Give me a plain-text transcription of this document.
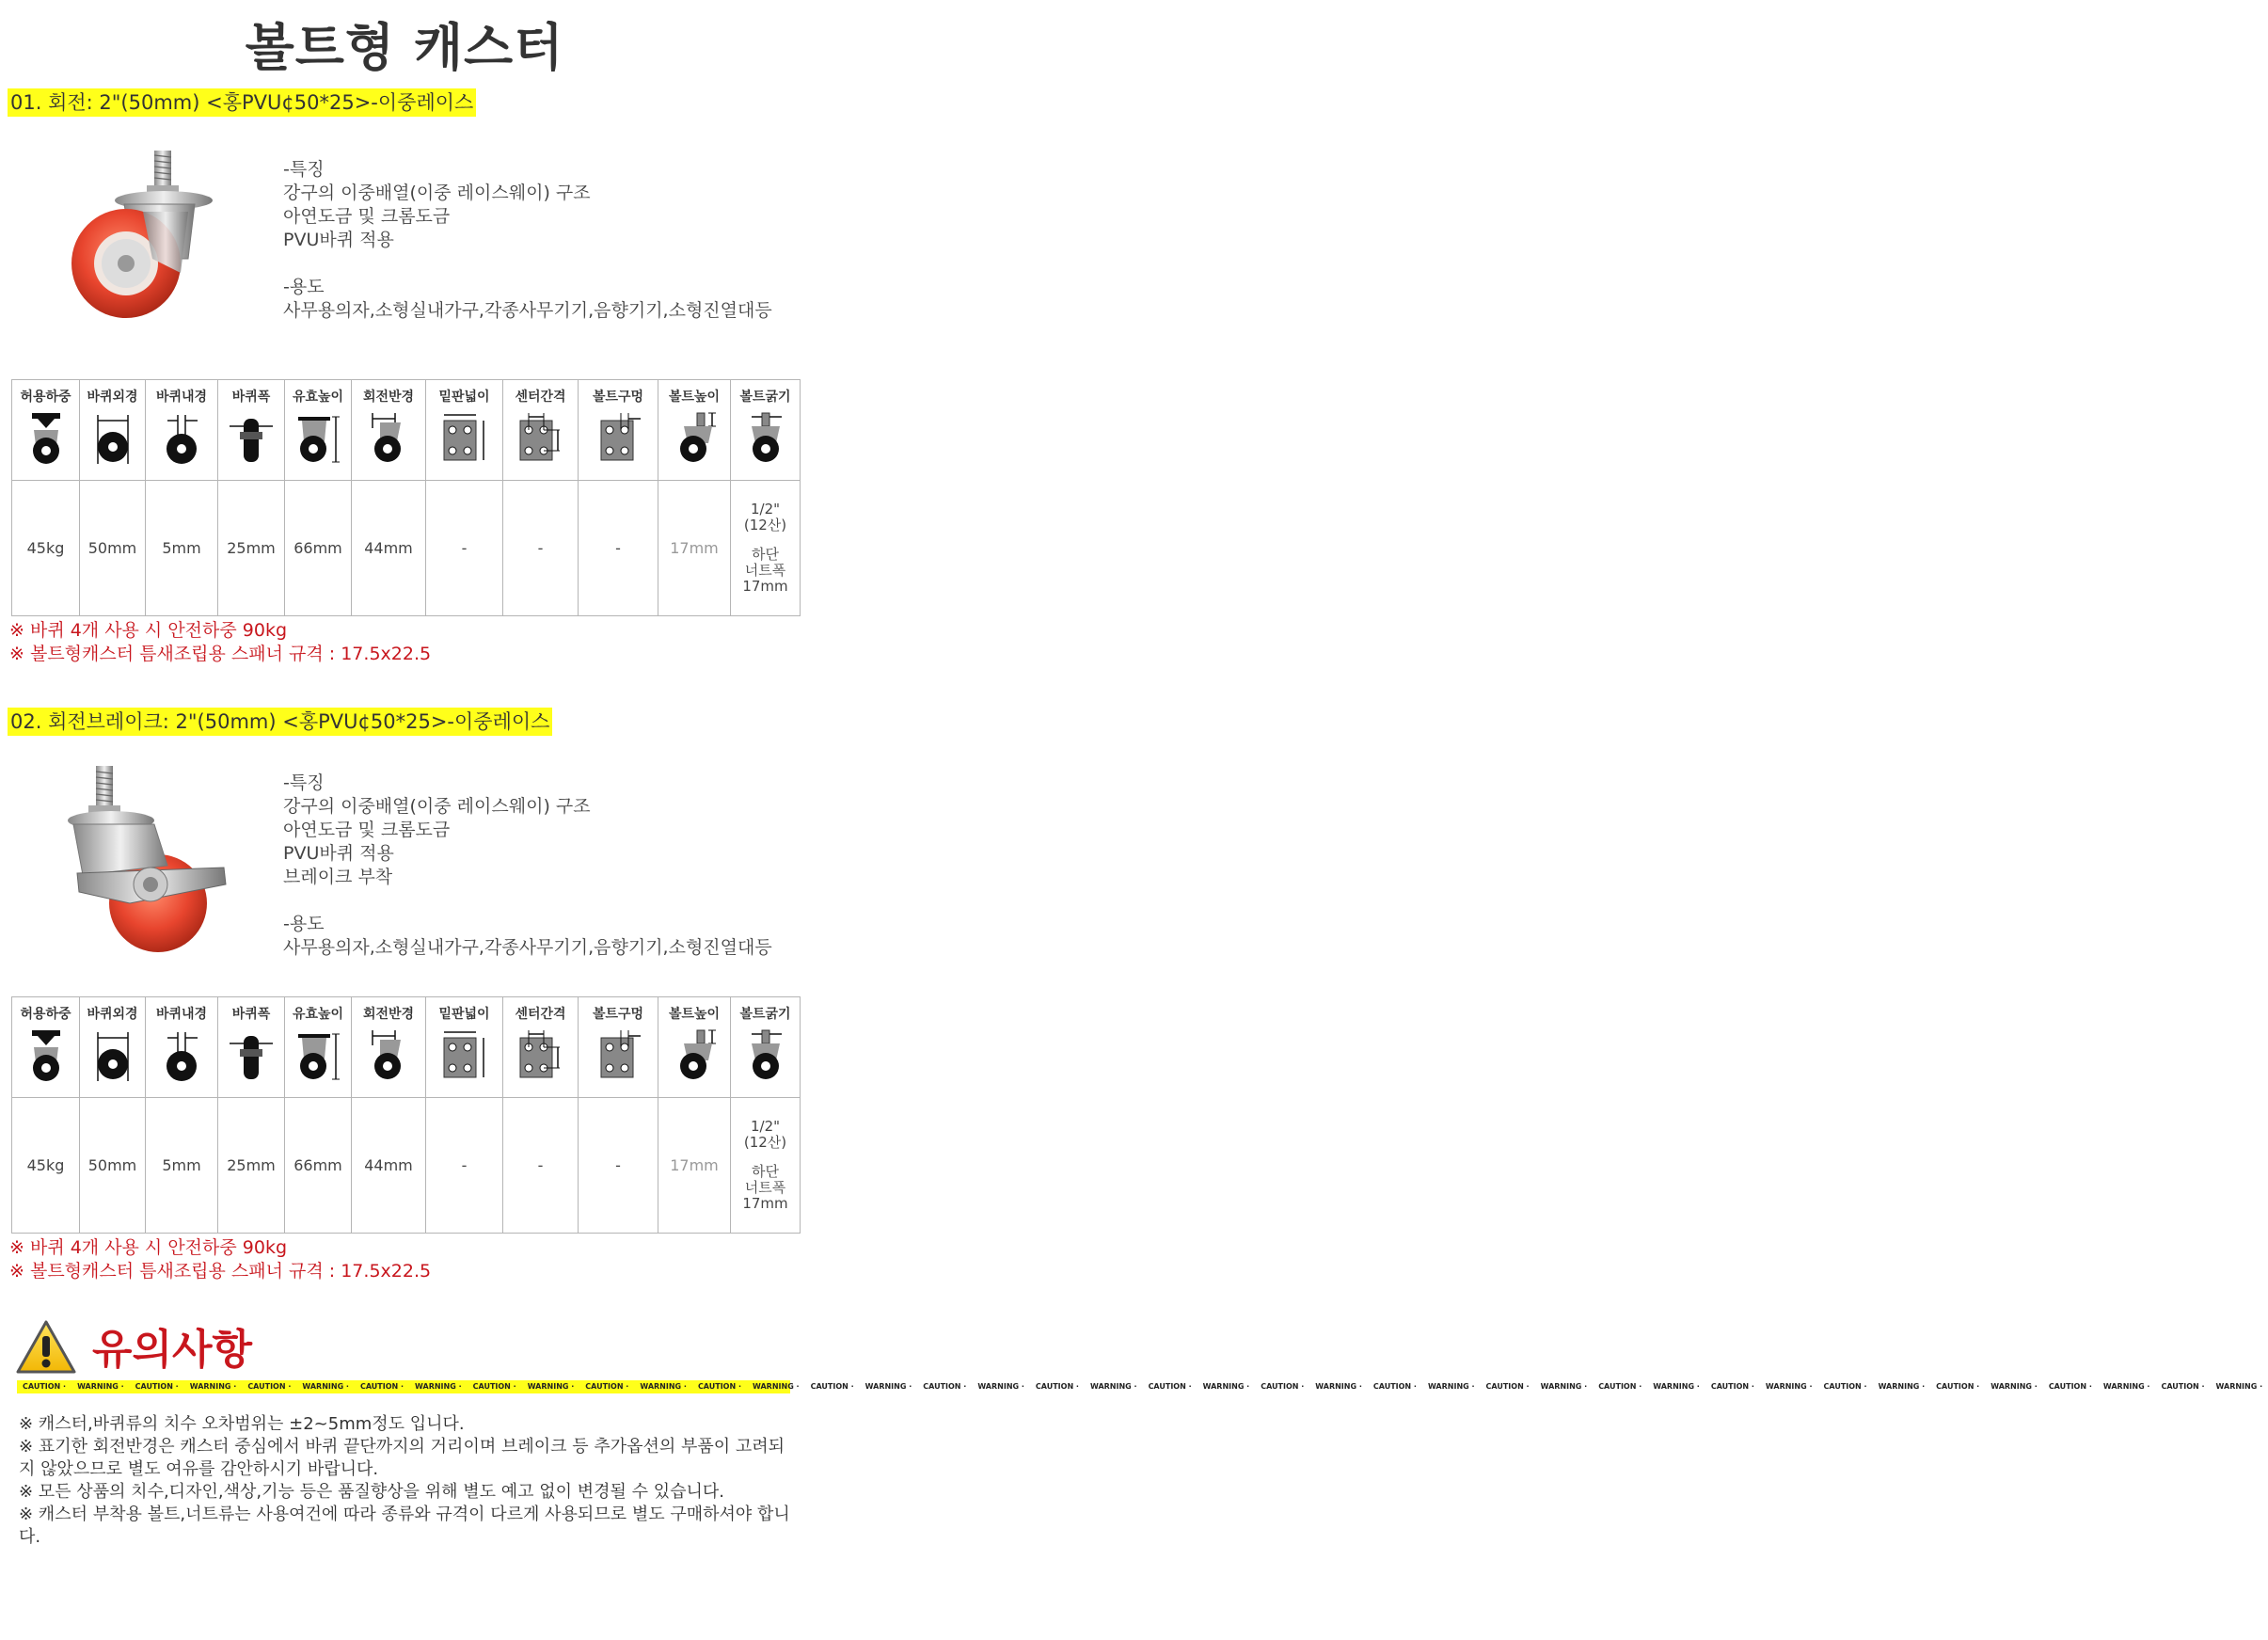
볼트형 캐스터
01. 회전: 2"(50mm) <홍PVU¢50*25>-이중레이스
-특징
강구의 이중배열(이중 레이스웨이) 구조
아연도금 및 크롬도금
PVU바퀴 적용
-용도
사무용의자,소형실내가구,각종사무기기,음향기기,소형진열대등
허용하중	바퀴외경	바퀴내경	바퀴폭	유효높이	회전반경	밑판넓이	센터간격	볼트구멍	볼트높이	볼트굵기

45kg	50mm	5mm	25mm	66mm	44mm	-	-	-	17mm	1/2"
(12산)
하단
너트폭
17mm
※ 바퀴 4개 사용 시 안전하중 90kg
※ 볼트형캐스터 틈새조립용 스패너 규격 : 17.5x22.5
02. 회전브레이크: 2"(50mm) <홍PVU¢50*25>-이중레이스
-특징
강구의 이중배열(이중 레이스웨이) 구조
아연도금 및 크롬도금
PVU바퀴 적용
브레이크 부착
-용도
사무용의자,소형실내가구,각종사무기기,음향기기,소형진열대등
허용하중	바퀴외경	바퀴내경	바퀴폭	유효높이	회전반경	밑판넓이	센터간격	볼트구멍	볼트높이	볼트굵기

45kg	50mm	5mm	25mm	66mm	44mm	-	-	-	17mm	1/2"
(12산)
하단
너트폭
17mm
※ 바퀴 4개 사용 시 안전하중 90kg
※ 볼트형캐스터 틈새조립용 스패너 규격 : 17.5x22.5
유의사항
CAUTION · WARNING · CAUTION · WARNING · CAUTION · WARNING · CAUTION · WARNING · CAUTION · WARNING · CAUTION · WARNING · CAUTION · WARNING · CAUTION · WARNING · CAUTION · WARNING · CAUTION · WARNING · CAUTION · WARNING · CAUTION · WARNING · CAUTION · WARNING · CAUTION · WARNING · CAUTION · WARNING · CAUTION · WARNING · CAUTION · WARNING · CAUTION · WARNING · CAUTION · WARNING · CAUTION · WARNING ·
※ 캐스터,바퀴류의 치수 오차범위는 ±2~5mm정도 입니다.
※ 표기한 회전반경은 캐스터 중심에서 바퀴 끝단까지의 거리이며 브레이크 등 추가옵션의 부품이 고려되지 않았으므로 별도 여유를 감안하시기 바랍니다.
※ 모든 상품의 치수,디자인,색상,기능 등은 품질향상을 위해 별도 예고 없이 변경될 수 있습니다.
※ 캐스터 부착용 볼트,너트류는 사용여건에 따라 종류와 규격이 다르게 사용되므로 별도 구매하셔야 합니다.
